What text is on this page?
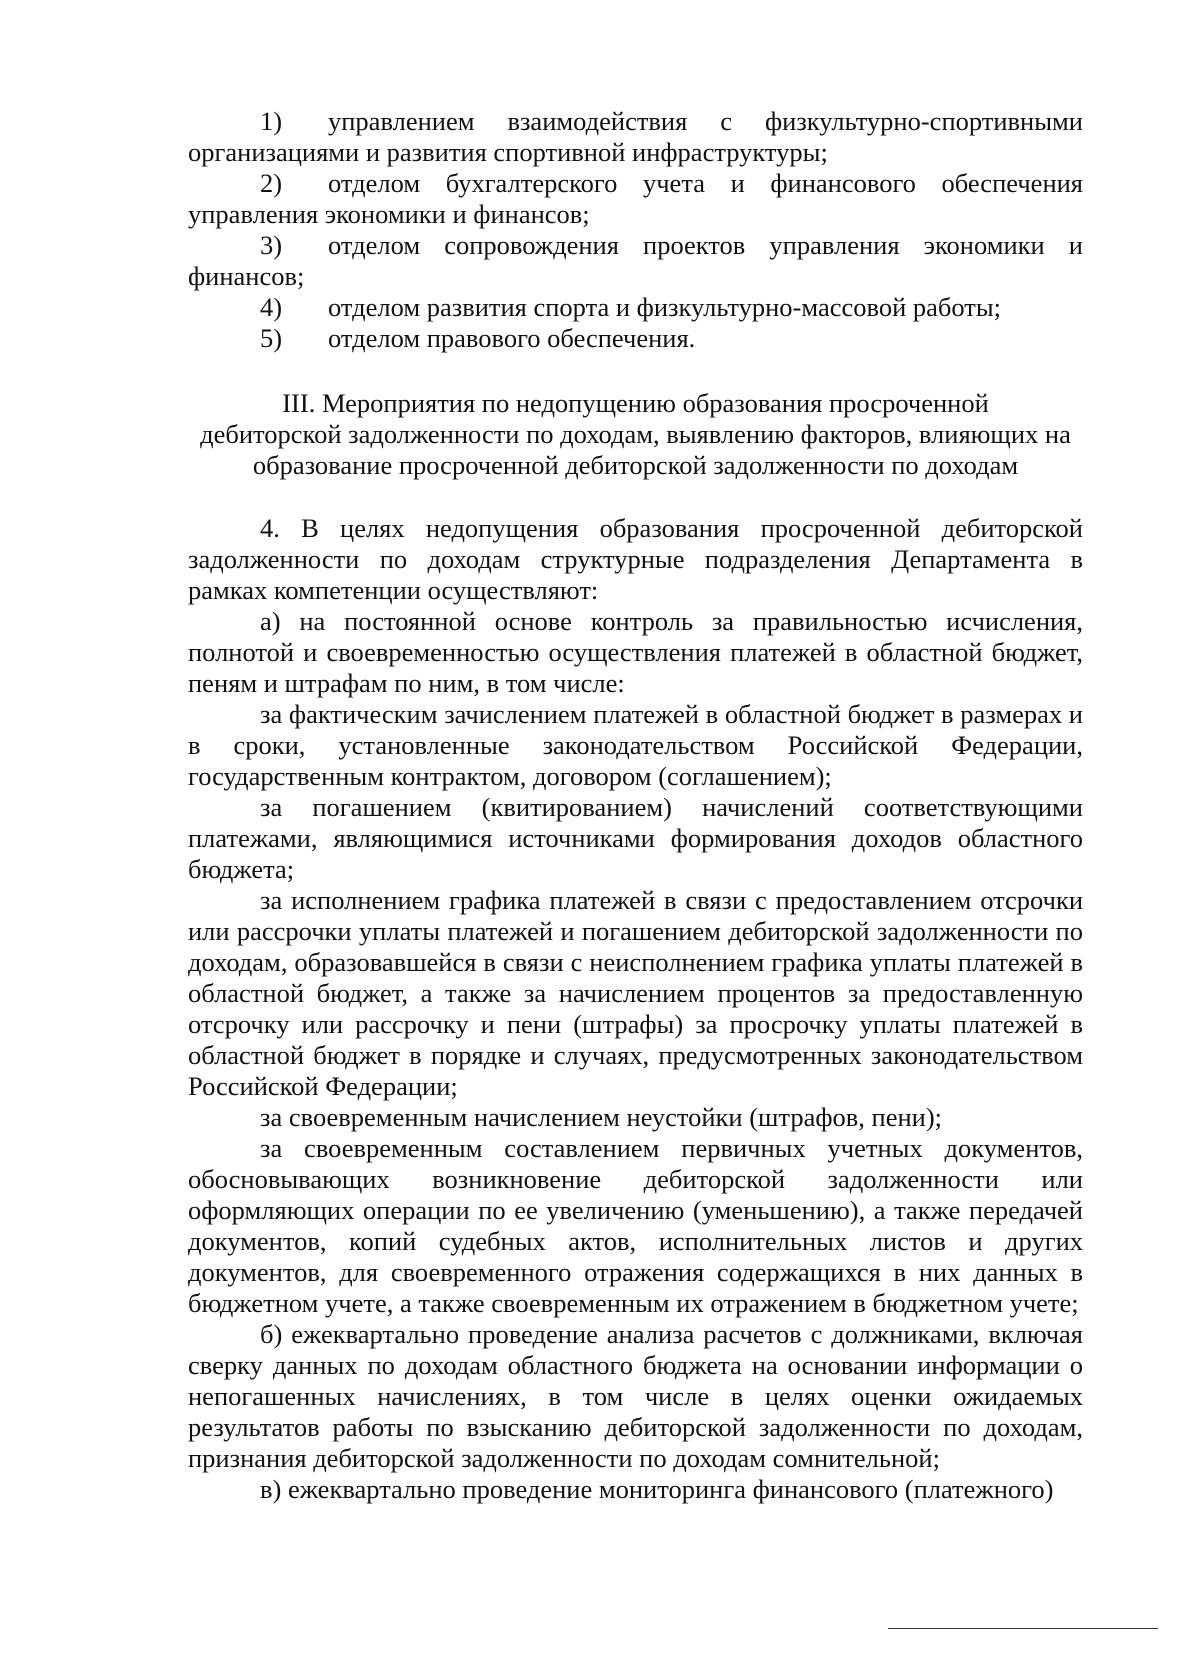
1)	управлением взаимодействия с физкультурно-спортивными
организациями и развития спортивной инфраструктуры;
2)	отделом бухгалтерского учета и финансового обеспечения
управления экономики и финансов;
3)	отделом сопровождения проектов управления экономики и
финансов;
4)	отделом развития спорта и физкультурно-массовой работы;
5)	отделом правового обеспечения.
III. Мероприятия по недопущению образования просроченной
дебиторской задолженности по доходам, выявлению факторов, влияющих на
образование просроченной дебиторской задолженности по доходам

4. В целях недопущения образования просроченной дебиторской задолженности по доходам структурные подразделения Департамента в рамках компетенции осуществляют:

а) на постоянной основе контроль за правильностью исчисления, полнотой и своевременностью осуществления платежей в областной бюджет, пеням и штрафам по ним, в том числе:

за фактическим зачислением платежей в областной бюджет в размерах и в сроки, установленные законодательством Российской Федерации, государственным контрактом, договором (соглашением);

за погашением (квитированием) начислений соответствующими платежами, являющимися источниками формирования доходов областного бюджета;

за исполнением графика платежей в связи с предоставлением отсрочки или рассрочки уплаты платежей и погашением дебиторской задолженности по доходам, образовавшейся в связи с неисполнением графика уплаты платежей в областной бюджет, а также за начислением процентов за предоставленную отсрочку или рассрочку и пени (штрафы) за просрочку уплаты платежей в областной бюджет в порядке и случаях, предусмотренных законодательством Российской Федерации;

за своевременным начислением неустойки (штрафов, пени);

за своевременным составлением первичных учетных документов, обосновывающих возникновение дебиторской задолженности или оформляющих операции по ее увеличению (уменьшению), а также передачей документов, копий судебных актов, исполнительных листов и других документов, для своевременного отражения содержащихся в них данных в бюджетном учете, а также своевременным их отражением в бюджетном учете;

б) ежеквартально проведение анализа расчетов с должниками, включая сверку данных по доходам областного бюджета на основании информации о непогашенных начислениях, в том числе в целях оценки ожидаемых результатов работы по взысканию дебиторской задолженности по доходам, признания дебиторской задолженности по доходам сомнительной;

в) ежеквартально проведение мониторинга финансового (платежного)
